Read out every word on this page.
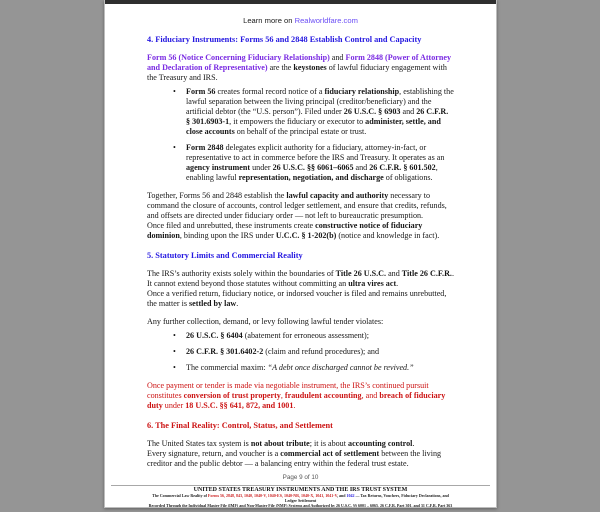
Learn more on Realworldfare.com
4. Fiduciary Instruments: Forms 56 and 2848 Establish Control and Capacity

Form 56 (Notice Concerning Fiduciary Relationship) and Form 2848 (Power of Attorney and Declaration of Representative) are the keystones of lawful fiduciary engagement with the Treasury and IRS.

• Form 56 creates formal record notice of a fiduciary relationship, establishing the lawful separation between the living principal (creditor/beneficiary) and the artificial debtor (the “U.S. person”). Filed under 26 U.S.C. § 6903 and 26 C.F.R. § 301.6903-1, it empowers the fiduciary or executor to administer, settle, and close accounts on behalf of the principal estate or trust.
• Form 2848 delegates explicit authority for a fiduciary, attorney-in-fact, or representative to act in commerce before the IRS and Treasury. It operates as an agency instrument under 26 U.S.C. §§ 6061–6065 and 26 C.F.R. § 601.502, enabling lawful representation, negotiation, and discharge of obligations.

Together, Forms 56 and 2848 establish the lawful capacity and authority necessary to command the closure of accounts, control ledger settlement, and ensure that credits, refunds, and offsets are directed under fiduciary order — not left to bureaucratic presumption.

Once filed and unrebutted, these instruments create constructive notice of fiduciary dominion, binding upon the IRS under U.C.C. § 1-202(b) (notice and knowledge in fact).

5. Statutory Limits and Commercial Reality

The IRS’s authority exists solely within the boundaries of Title 26 U.S.C. and Title 26 C.F.R.. It cannot extend beyond those statutes without committing an ultra vires act.

Once a verified return, fiduciary notice, or indorsed voucher is filed and remains unrebutted, the matter is settled by law.

Any further collection, demand, or levy following lawful tender violates:

• 26 U.S.C. § 6404 (abatement for erroneous assessment);
• 26 C.F.R. § 301.6402-2 (claim and refund procedures); and
• The commercial maxim: “A debt once discharged cannot be revived.”

Once payment or tender is made via negotiable instrument, the IRS’s continued pursuit constitutes conversion of trust property, fraudulent accounting, and breach of fiduciary duty under 18 U.S.C. §§ 641, 872, and 1001.

6. The Final Reality: Control, Status, and Settlement

The United States tax system is not about tribute; it is about accounting control.

Every signature, return, and voucher is a commercial act of settlement between the living creditor and the public debtor — a balancing entry within the federal trust estate.

Page 9 of 10
UNITED STATES TREASURY INSTRUMENTS AND THE IRS TRUST SYSTEM
The Commercial Law Reality of Forms 56, 2848, 843, 1040, 1040-V, 1040-ES, 1040-NR, 1040-X, 1041, 1041-V, and 1042 — Tax Returns, Vouchers, Fiduciary Declarations, and Ledger Settlement
Recorded Through the Individual Master File (IMF) and Non-Master File (NMF) Systems and Authorized by 26 U.S.C. §§ 6001 – 6065, 26 C.F.R. Part 301, and 31 C.F.R. Part 363
